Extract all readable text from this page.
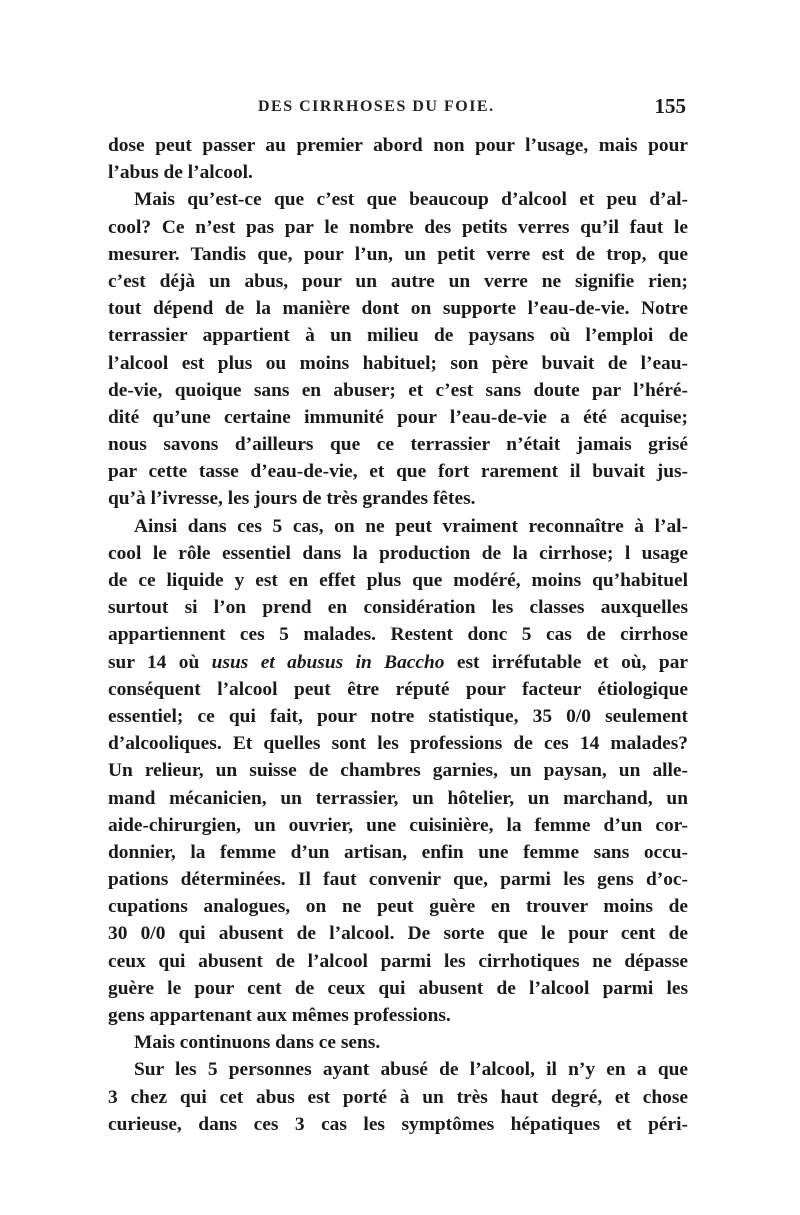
DES CIRRHOSES DU FOIE.	155
dose peut passer au premier abord non pour l’usage, mais pour
l’abus de l’alcool.
Mais qu’est-ce que c’est que beaucoup d’alcool et peu d’al-
cool? Ce n’est pas par le nombre des petits verres qu’il faut le
mesurer. Tandis que, pour l’un, un petit verre est de trop, que
c’est déjà un abus, pour un autre un verre ne signifie rien;
tout dépend de la manière dont on supporte l’eau-de-vie. Notre
terrassier appartient à un milieu de paysans où l’emploi de
l’alcool est plus ou moins habituel; son père buvait de l’eau-
de-vie, quoique sans en abuser; et c’est sans doute par l’héré-
dité qu’une certaine immunité pour l’eau-de-vie a été acquise;
nous savons d’ailleurs que ce terrassier n’était jamais grisé
par cette tasse d’eau-de-vie, et que fort rarement il buvait jus-
qu’à l’ivresse, les jours de très grandes fêtes.
Ainsi dans ces 5 cas, on ne peut vraiment reconnaître à l’al-
cool le rôle essentiel dans la production de la cirrhose; l usage
de ce liquide y est en effet plus que modéré, moins qu’habituel
surtout si l’on prend en considération les classes auxquelles
appartiennent ces 5 malades. Restent donc 5 cas de cirrhose
sur 14 où usus et abusus in Baccho est irréfutable et où, par
conséquent l’alcool peut être réputé pour facteur étiologique
essentiel; ce qui fait, pour notre statistique, 35 0/0 seulement
d’alcooliques. Et quelles sont les professions de ces 14 malades?
Un relieur, un suisse de chambres garnies, un paysan, un alle-
mand mécanicien, un terrassier, un hôtelier, un marchand, un
aide-chirurgien, un ouvrier, une cuisinière, la femme d’un cor-
donnier, la femme d’un artisan, enfin une femme sans occu-
pations déterminées. Il faut convenir que, parmi les gens d’oc-
cupations analogues, on ne peut guère en trouver moins de
30 0/0 qui abusent de l’alcool. De sorte que le pour cent de
ceux qui abusent de l’alcool parmi les cirrhotiques ne dépasse
guère le pour cent de ceux qui abusent de l’alcool parmi les
gens appartenant aux mêmes professions.
Mais continuons dans ce sens.
Sur les 5 personnes ayant abusé de l’alcool, il n’y en a que
3 chez qui cet abus est porté à un très haut degré, et chose
curieuse, dans ces 3 cas les symptômes hépatiques et péri-
